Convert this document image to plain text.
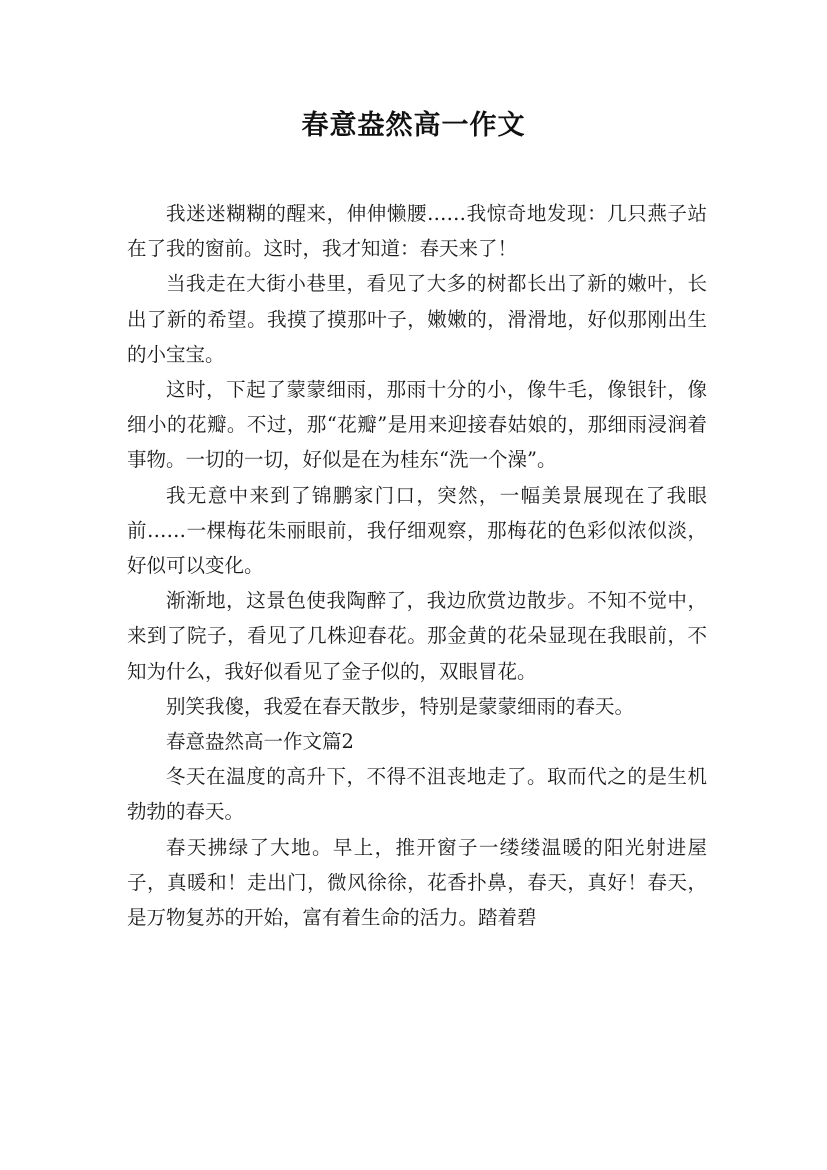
春意盎然高一作文

我迷迷糊糊的醒来，伸伸懒腰……我惊奇地发现：几只燕子站在了我的窗前。这时，我才知道：春天来了！

当我走在大街小巷里，看见了大多的树都长出了新的嫩叶，长出了新的希望。我摸了摸那叶子，嫩嫩的，滑滑地，好似那刚出生的小宝宝。

这时，下起了蒙蒙细雨，那雨十分的小，像牛毛，像银针，像细小的花瓣。不过，那“花瓣”是用来迎接春姑娘的，那细雨浸润着事物。一切的一切，好似是在为桂东“洗一个澡”。

我无意中来到了锦鹏家门口，突然，一幅美景展现在了我眼前……一棵梅花朱丽眼前，我仔细观察，那梅花的色彩似浓似淡，好似可以变化。

渐渐地，这景色使我陶醉了，我边欣赏边散步。不知不觉中，来到了院子，看见了几株迎春花。那金黄的花朵显现在我眼前，不知为什么，我好似看见了金子似的，双眼冒花。

别笑我傻，我爱在春天散步，特别是蒙蒙细雨的春天。

春意盎然高一作文篇2

冬天在温度的高升下，不得不沮丧地走了。取而代之的是生机勃勃的春天。

春天拂绿了大地。早上，推开窗子一缕缕温暖的阳光射进屋子，真暖和！走出门，微风徐徐，花香扑鼻，春天，真好！春天，是万物复苏的开始，富有着生命的活力。踏着碧
